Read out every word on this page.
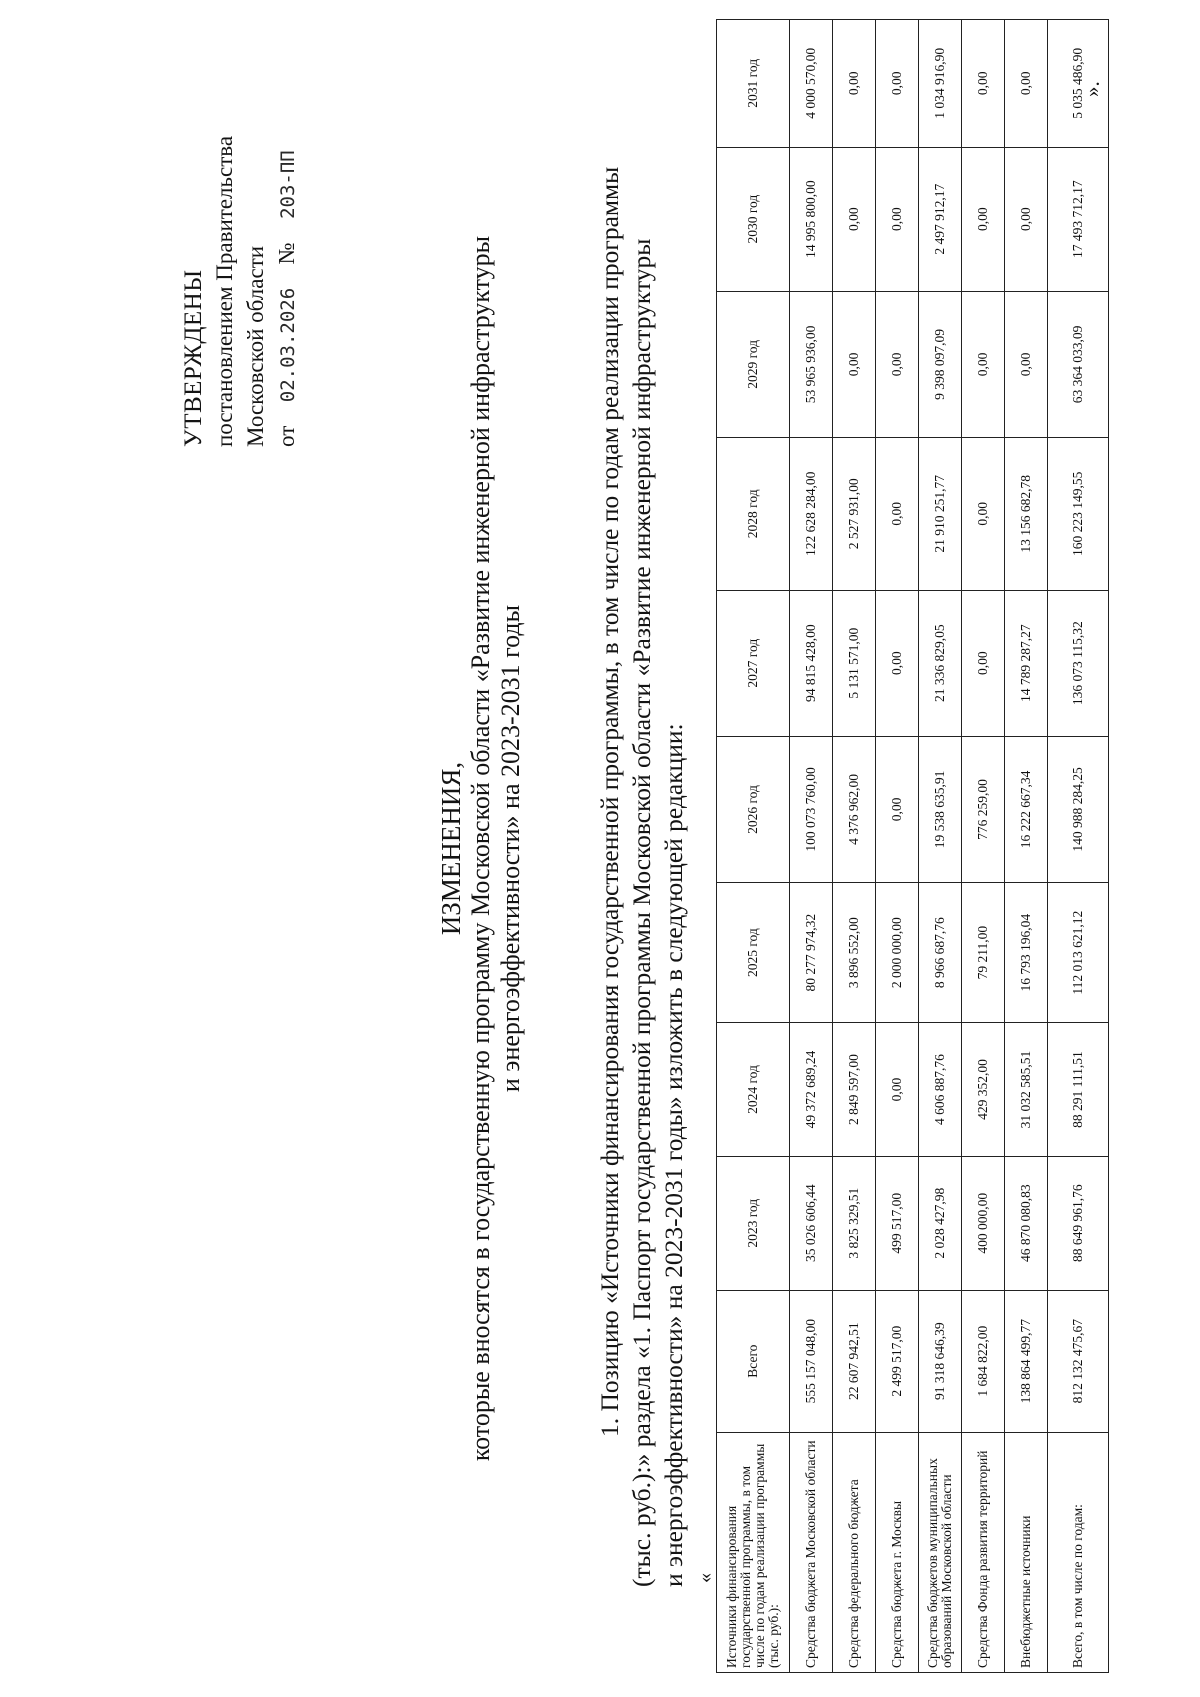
УТВЕРЖДЕНЫ постановлением Правительства Московской области от  02.03.2026  №  203-ПП
ИЗМЕНЕНИЯ, которые вносятся в государственную программу Московской области «Развитие инженерной инфраструктуры и энергоэффективности» на 2023-2031 годы	1. Позицию «Источники финансирования государственной программы, в том числе по годам реализации программы (тыс. руб.):» раздела «1. Паспорт государственной программы Московской области «Развитие инженерной инфраструктуры и энергоэффективности» на 2023-2031 годы» изложить в следующей редакции: « Источники финансирования государственной программы, в том числе по годам реализации программы (тыс. руб.):	Всего	2023 год	2024 год	2025 год	2026 год	2027 год	2028 год	2029 год	2030 год	2031 год
Средства бюджета Московской области	555 157 048,00	35 026 606,44	49 372 689,24	80 277 974,32	100 073 760,00	94 815 428,00	122 628 284,00	53 965 936,00	14 995 800,00	4 000 570,00
Средства федерального бюджета	22 607 942,51	3 825 329,51	2 849 597,00	3 896 552,00	4 376 962,00	5 131 571,00	2 527 931,00	0,00	0,00	0,00
Средства бюджета г. Москвы	2 499 517,00	499 517,00	0,00	2 000 000,00	0,00	0,00	0,00	0,00	0,00	0,00
Средства бюджетов муниципальных образований Московской области	91 318 646,39	2 028 427,98	4 606 887,76	8 966 687,76	19 538 635,91	21 336 829,05	21 910 251,77	9 398 097,09	2 497 912,17	1 034 916,90
Средства Фонда развития территорий	1 684 822,00	400 000,00	429 352,00	79 211,00	776 259,00	0,00	0,00	0,00	0,00	0,00
Внебюджетные источники	138 864 499,77	46 870 080,83	31 032 585,51	16 793 196,04	16 222 667,34	14 789 287,27	13 156 682,78	0,00	0,00	0,00
Всего, в том числе по годам:	812 132 475,67	88 649 961,76	88 291 111,51	112 013 621,12	140 988 284,25	136 073 115,32	160 223 149,55	63 364 033,09	17 493 712,17	5 035 486,90
».
